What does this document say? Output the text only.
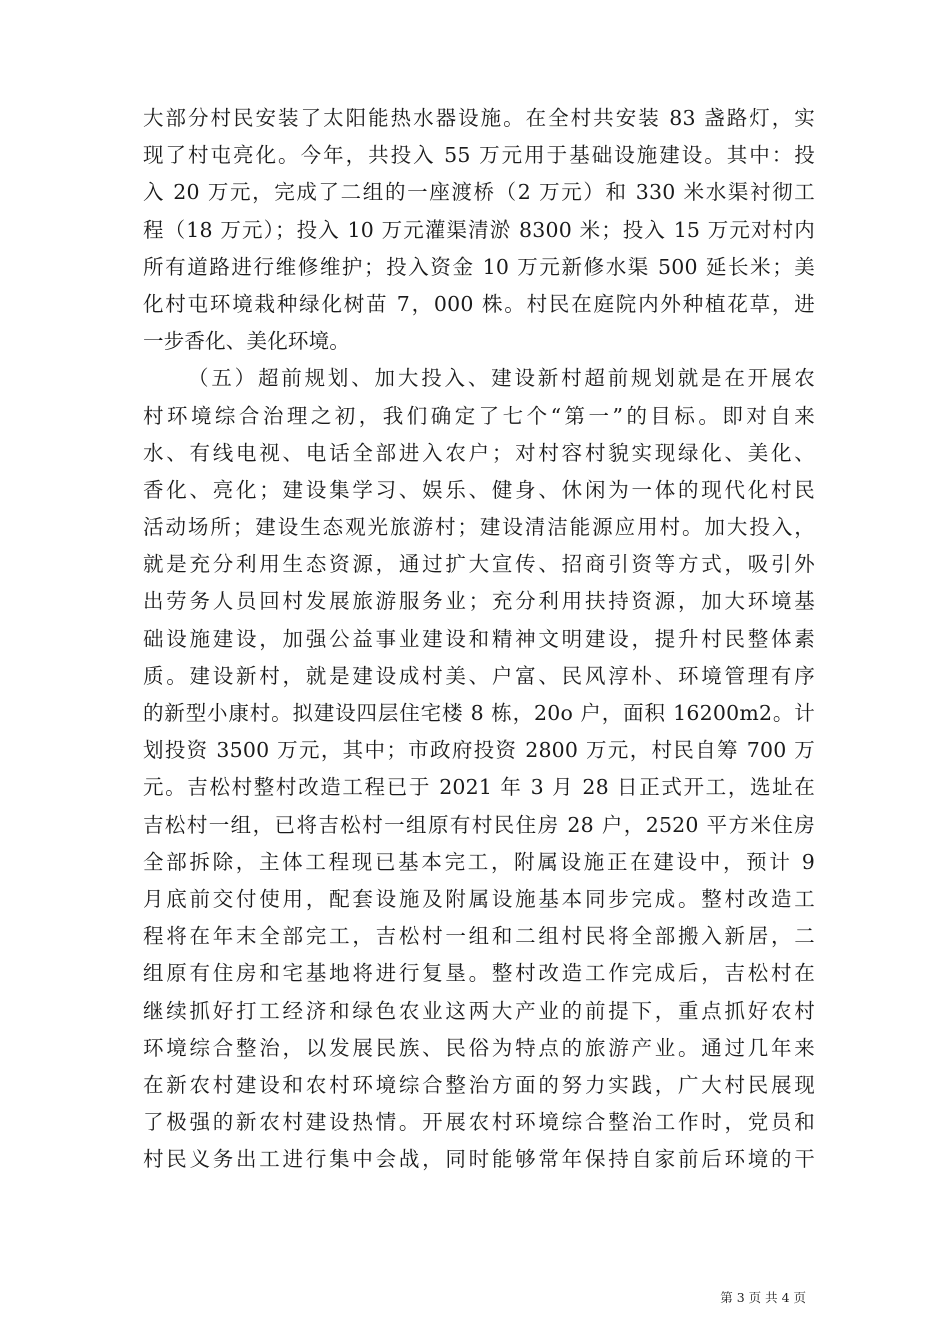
大部分村民安装了太阳能热水器设施。在全村共安装 83 盏路灯，实
现了村屯亮化。今年，共投入 55 万元用于基础设施建设。其中：投
入 20 万元，完成了二组的一座渡桥（2 万元）和 330 米水渠衬彻工
程（18 万元）；投入 10 万元灌渠清淤 8300 米；投入 15 万元对村内
所有道路进行维修维护；投入资金 10 万元新修水渠 500 延长米；美
化村屯环境栽种绿化树苗 7，000 株。村民在庭院内外种植花草，进
一步香化、美化环境。
（五）超前规划、加大投入、建设新村超前规划就是在开展农
村环境综合治理之初，我们确定了七个“第一”的目标。即对自来
水、有线电视、电话全部进入农户；对村容村貌实现绿化、美化、
香化、亮化；建设集学习、娱乐、健身、休闲为一体的现代化村民
活动场所；建设生态观光旅游村；建设清洁能源应用村。加大投入，
就是充分利用生态资源，通过扩大宣传、招商引资等方式，吸引外
出劳务人员回村发展旅游服务业；充分利用扶持资源，加大环境基
础设施建设，加强公益事业建设和精神文明建设，提升村民整体素
质。建设新村，就是建设成村美、户富、民风淳朴、环境管理有序
的新型小康村。拟建设四层住宅楼 8 栋，20o 户，面积 16200m2。计
划投资 3500 万元，其中；市政府投资 2800 万元，村民自筹 700 万
元。吉松村整村改造工程已于 2021 年 3 月 28 日正式开工，选址在
吉松村一组，已将吉松村一组原有村民住房 28 户，2520 平方米住房
全部拆除，主体工程现已基本完工，附属设施正在建设中，预计 9
月底前交付使用，配套设施及附属设施基本同步完成。整村改造工
程将在年末全部完工，吉松村一组和二组村民将全部搬入新居，二
组原有住房和宅基地将进行复垦。整村改造工作完成后，吉松村在
继续抓好打工经济和绿色农业这两大产业的前提下，重点抓好农村
环境综合整治，以发展民族、民俗为特点的旅游产业。通过几年来
在新农村建设和农村环境综合整治方面的努力实践，广大村民展现
了极强的新农村建设热情。开展农村环境综合整治工作时，党员和
村民义务出工进行集中会战，同时能够常年保持自家前后环境的干
第 3 页 共 4 页
